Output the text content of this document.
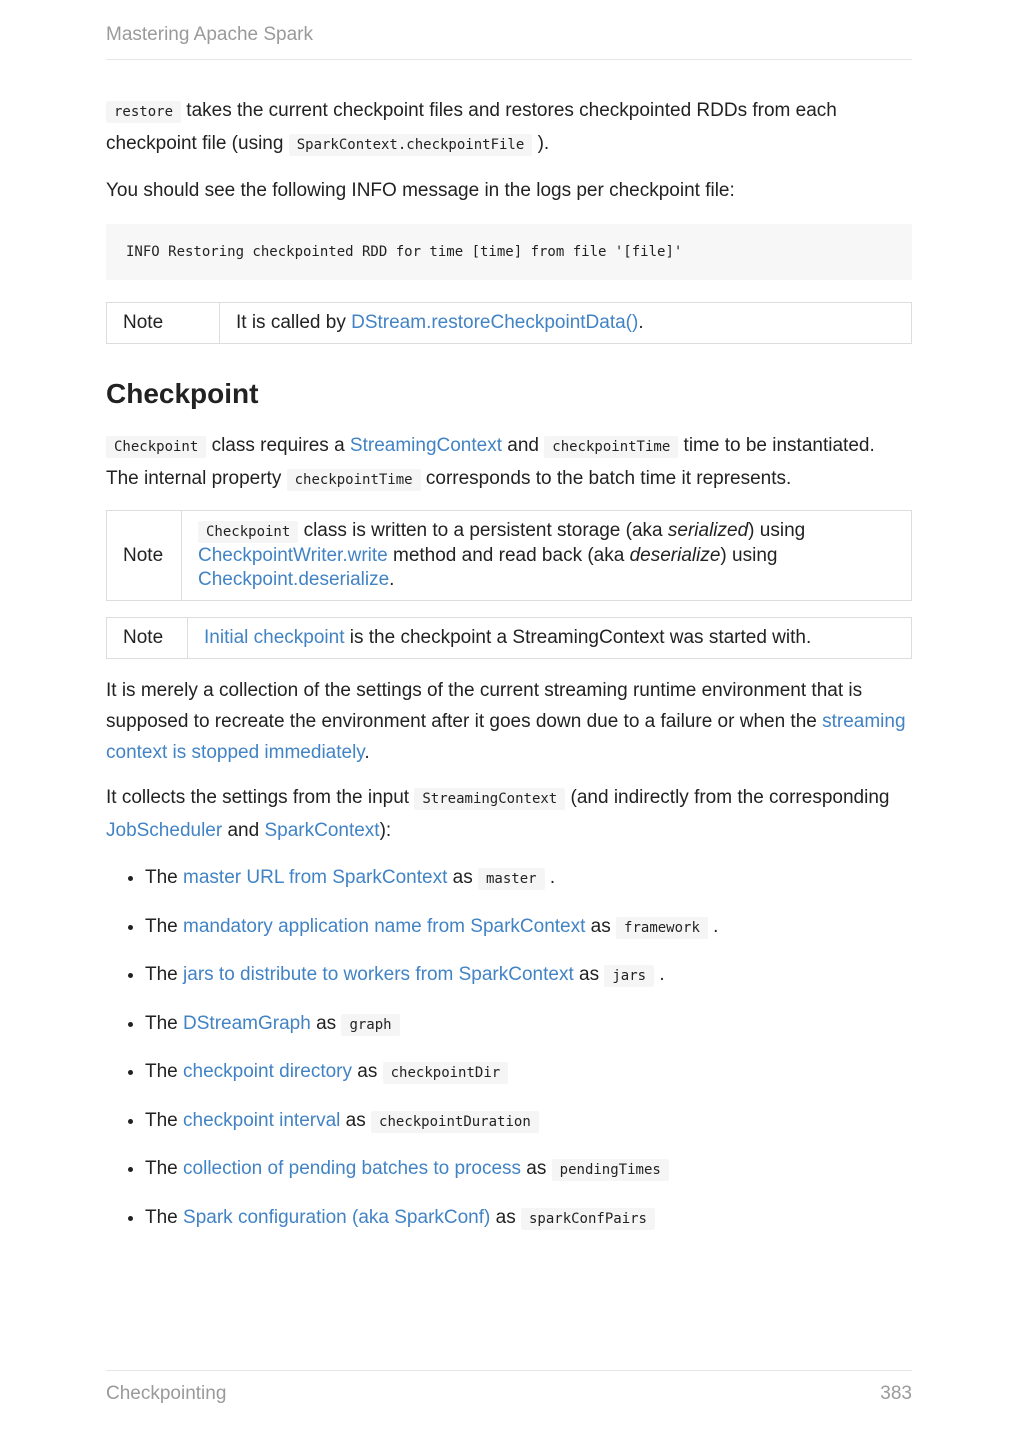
Mastering Apache Spark

restore takes the current checkpoint files and restores checkpointed RDDs from each checkpoint file (using SparkContext.checkpointFile ).

You should see the following INFO message in the logs per checkpoint file:

INFO Restoring checkpointed RDD for time [time] from file '[file]'
Note	It is called by DStream.restoreCheckpointData().
Checkpoint

Checkpoint class requires a StreamingContext and checkpointTime time to be instantiated. The internal property checkpointTime corresponds to the batch time it represents.

Note	Checkpoint class is written to a persistent storage (aka serialized) using
CheckpointWriter.write method and read back (aka deserialize) using
Checkpoint.deserialize.
Note	Initial checkpoint is the checkpoint a StreamingContext was started with.

It is merely a collection of the settings of the current streaming runtime environment that is supposed to recreate the environment after it goes down due to a failure or when the streaming context is stopped immediately.

It collects the settings from the input StreamingContext (and indirectly from the corresponding JobScheduler and SparkContext):

• The master URL from SparkContext as master .
• The mandatory application name from SparkContext as framework .
• The jars to distribute to workers from SparkContext as jars .
• The DStreamGraph as graph
• The checkpoint directory as checkpointDir
• The checkpoint interval as checkpointDuration
• The collection of pending batches to process as pendingTimes
• The Spark configuration (aka SparkConf) as sparkConfPairs
Checkpointing	383
